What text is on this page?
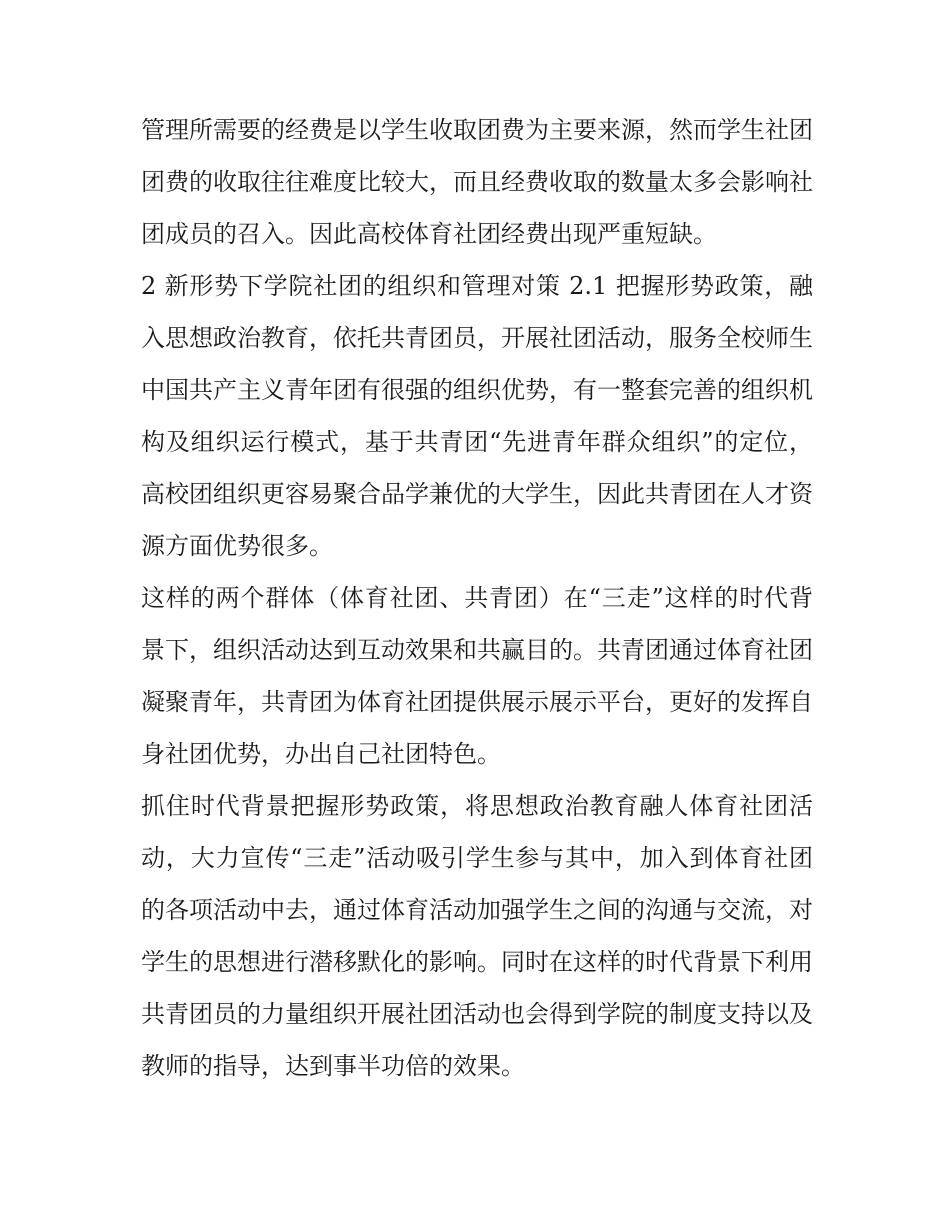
管理所需要的经费是以学生收取团费为主要来源，然而学生社团团费的收取往往难度比较大，而且经费收取的数量太多会影响社团成员的召入。因此高校体育社团经费出现严重短缺。

2 新形势下学院社团的组织和管理对策 2.1 把握形势政策，融入思想政治教育，依托共青团员，开展社团活动，服务全校师生

中国共产主义青年团有很强的组织优势，有一整套完善的组织机构及组织运行模式，基于共青团“先进青年群众组织”的定位，高校团组织更容易聚合品学兼优的大学生，因此共青团在人才资源方面优势很多。

这样的两个群体（体育社团、共青团）在“三走”这样的时代背景下，组织活动达到互动效果和共赢目的。共青团通过体育社团凝聚青年，共青团为体育社团提供展示展示平台，更好的发挥自身社团优势，办出自己社团特色。

抓住时代背景把握形势政策，将思想政治教育融人体育社团活动，大力宣传“三走”活动吸引学生参与其中，加入到体育社团的各项活动中去，通过体育活动加强学生之间的沟通与交流，对学生的思想进行潜移默化的影响。同时在这样的时代背景下利用共青团员的力量组织开展社团活动也会得到学院的制度支持以及教师的指导，达到事半功倍的效果。
